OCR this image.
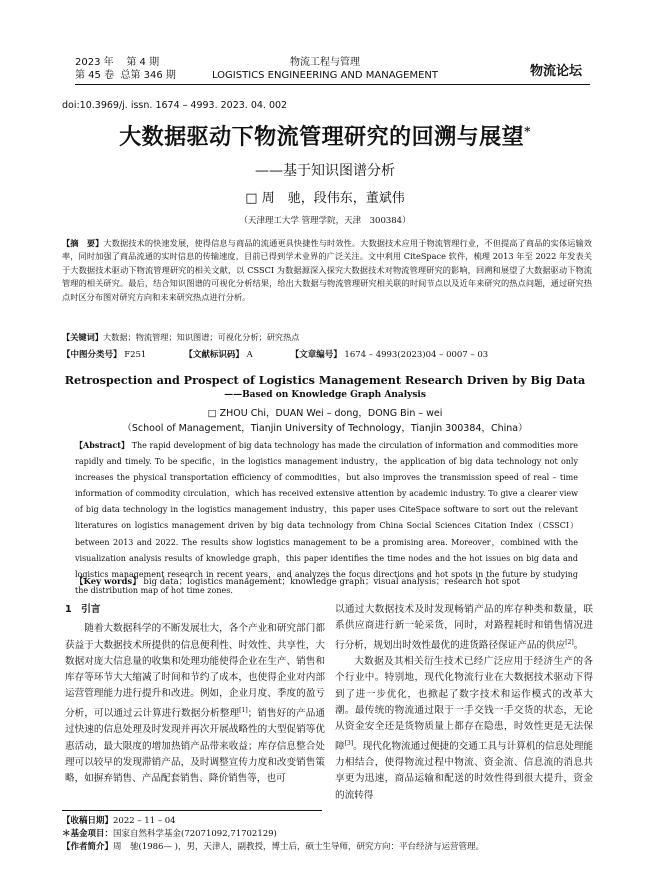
2023 年 第 4 期
第 45 卷 总第 346 期
物流工程与管理
LOGISTICS ENGINEERING AND MANAGEMENT	物流论坛
doi:10.3969/j. issn. 1674 – 4993. 2023. 04. 002
大数据驱动下物流管理研究的回溯与展望*
——基于知识图谱分析
□ 周　驰，段伟东，董斌伟
（天津理工大学 管理学院，天津　300384）
【摘　要】大数据技术的快速发展，使得信息与商品的流通更具快捷性与时效性。大数据技术应用于物流管理行业，不但提高了商品的实体运输效率，同时加强了商品流通的实时信息的传输速度，目前已得到学术业界的广泛关注。文中利用 CiteSpace 软件，梳理 2013 年至 2022 年发表关于大数据技术驱动下物流管理研究的相关文献，以 CSSCI 为数据源深入探究大数据技术对物流管理研究的影响，回溯和展望了大数据驱动下物流管理的相关研究。最后，结合知识图谱的可视化分析结果，给出大数据与物流管理研究相关联的时间节点以及近年来研究的热点问题，通过研究热点时区分布图对研究方向和未来研究热点进行分析。
【关键词】大数据；物流管理；知识图谱；可视化分析；研究热点
【中图分类号】 F251	【文献标识码】 A	【文章编号】 1674 – 4993(2023)04 – 0007 – 03
Retrospection and Prospect of Logistics Management Research Driven by Big Data
——Based on Knowledge Graph Analysis
□ ZHOU Chi，DUAN Wei – dong，DONG Bin – wei
（School of Management，Tianjin University of Technology，Tianjin 300384，China）
【Abstract】 The rapid development of big data technology has made the circulation of information and commodities more rapidly and timely. To be specific，in the logistics management industry，the application of big data technology not only increases the physical transportation efficiency of commodities，but also improves the transmission speed of real – time information of commodity circulation，which has received extensive attention by academic industry. To give a clearer view of big data technology in the logistics management industry，this paper uses CiteSpace software to sort out the relevant literatures on logistics management driven by big data technology from China Social Sciences Citation Index（CSSCI）between 2013 and 2022. The results show logistics management to be a promising area. Moreover，combined with the visualization analysis results of knowledge graph，this paper identifies the time nodes and the hot issues on big data and logistics management research in recent years，and analyzes the focus directions and hot spots in the future by studying the distribution map of hot time zones.
【Key words】 big data；logistics management；knowledge graph；visual analysis；research hot spot
1　引言

随着大数据科学的不断发展壮大，各个产业和研究部门都获益于大数据技术所提供的信息便利性、时效性、共享性，大数据对庞大信息量的收集和处理功能使得企业在生产、销售和库存等环节大大缩减了时间和节约了成本，也使得企业对内部运营管理能力进行提升和改进。例如，企业月度、季度的盈亏分析，可以通过云计算进行数据分析整理[1]；销售好的产品通过快速的信息处理及时发现并再次开展战略性的大型促销等优惠活动，最大限度的增加热销产品带来收益；库存信息整合处理可以较早的发现滞销产品，及时调整宣传力度和改变销售策略，如摒弃销售、产品配套销售、降价销售等，也可

以通过大数据技术及时发现畅销产品的库存种类和数量，联系供应商进行新一轮采货，同时，对路程耗时和销售情况进行分析，规划出时效性最优的进货路径保证产品的供应[2]。

大数据及其相关衍生技术已经广泛应用于经济生产的各个行业中。特别地，现代化物流行业在大数据技术驱动下得到了进一步优化，也掀起了数字技术和运作模式的改革大潮。最传统的物流通过限于一手交钱一手交货的状态，无论从资金安全还是货物质量上都存在隐患，时效性更是无法保障[3]。现代化物流通过便捷的交通工具与计算机的信息处理能力相结合，使得物流过程中物流、资金流、信息流的消息共享更为迅速，商品运输和配送的时效性得到很大提升，资金的流转得

【收稿日期】2022 – 11 – 04
＊基金项目：国家自然科学基金(72071092,71702129)
【作者简介】周　驰(1986— )，男，天津人，副教授，博士后，硕士生导师，研究方向：平台经济与运营管理。
